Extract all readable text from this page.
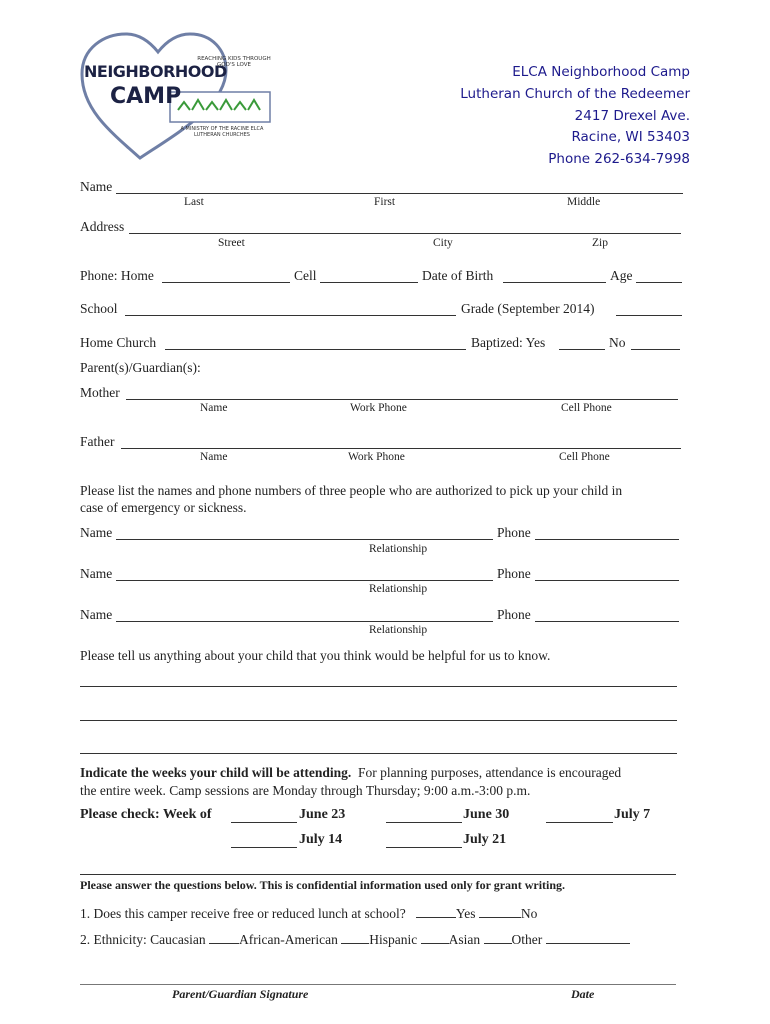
NEIGHBORHOOD
CAMP
REACHING KIDS THROUGH GOD'S LOVE
A MINISTRY OF THE RACINE ELCA LUTHERAN CHURCHES
ELCA Neighborhood Camp
Lutheran Church of the Redeemer
2417 Drexel Ave.
Racine, WI 53403
Phone 262-634-7998
Name
Last	First	Middle
Address
Street	City	Zip
Phone: Home	Cell	Date of Birth	Age
School	Grade (September 2014)
Home Church	Baptized: Yes	No
Parent(s)/Guardian(s):
Mother
Name	Work Phone	Cell Phone
Father
Name	Work Phone	Cell Phone
Please list the names and phone numbers of three people who are authorized to pick up your child in
case of emergency or sickness.
Name	Phone
Relationship
Name	Phone
Relationship
Name	Phone
Relationship
Please tell us anything about your child that you think would be helpful for us to know.
Indicate the weeks your child will be attending. For planning purposes, attendance is encouraged
the entire week. Camp sessions are Monday through Thursday; 9:00 a.m.-3:00 p.m.
Please check: Week of	June 23	June 30	July 7
July 14	July 21
Please answer the questions below. This is confidential information used only for grant writing.
1. Does this camper receive free or reduced lunch at school?	Yes	No
2. Ethnicity: Caucasian African-American Hispanic Asian Other
Parent/Guardian Signature	Date
